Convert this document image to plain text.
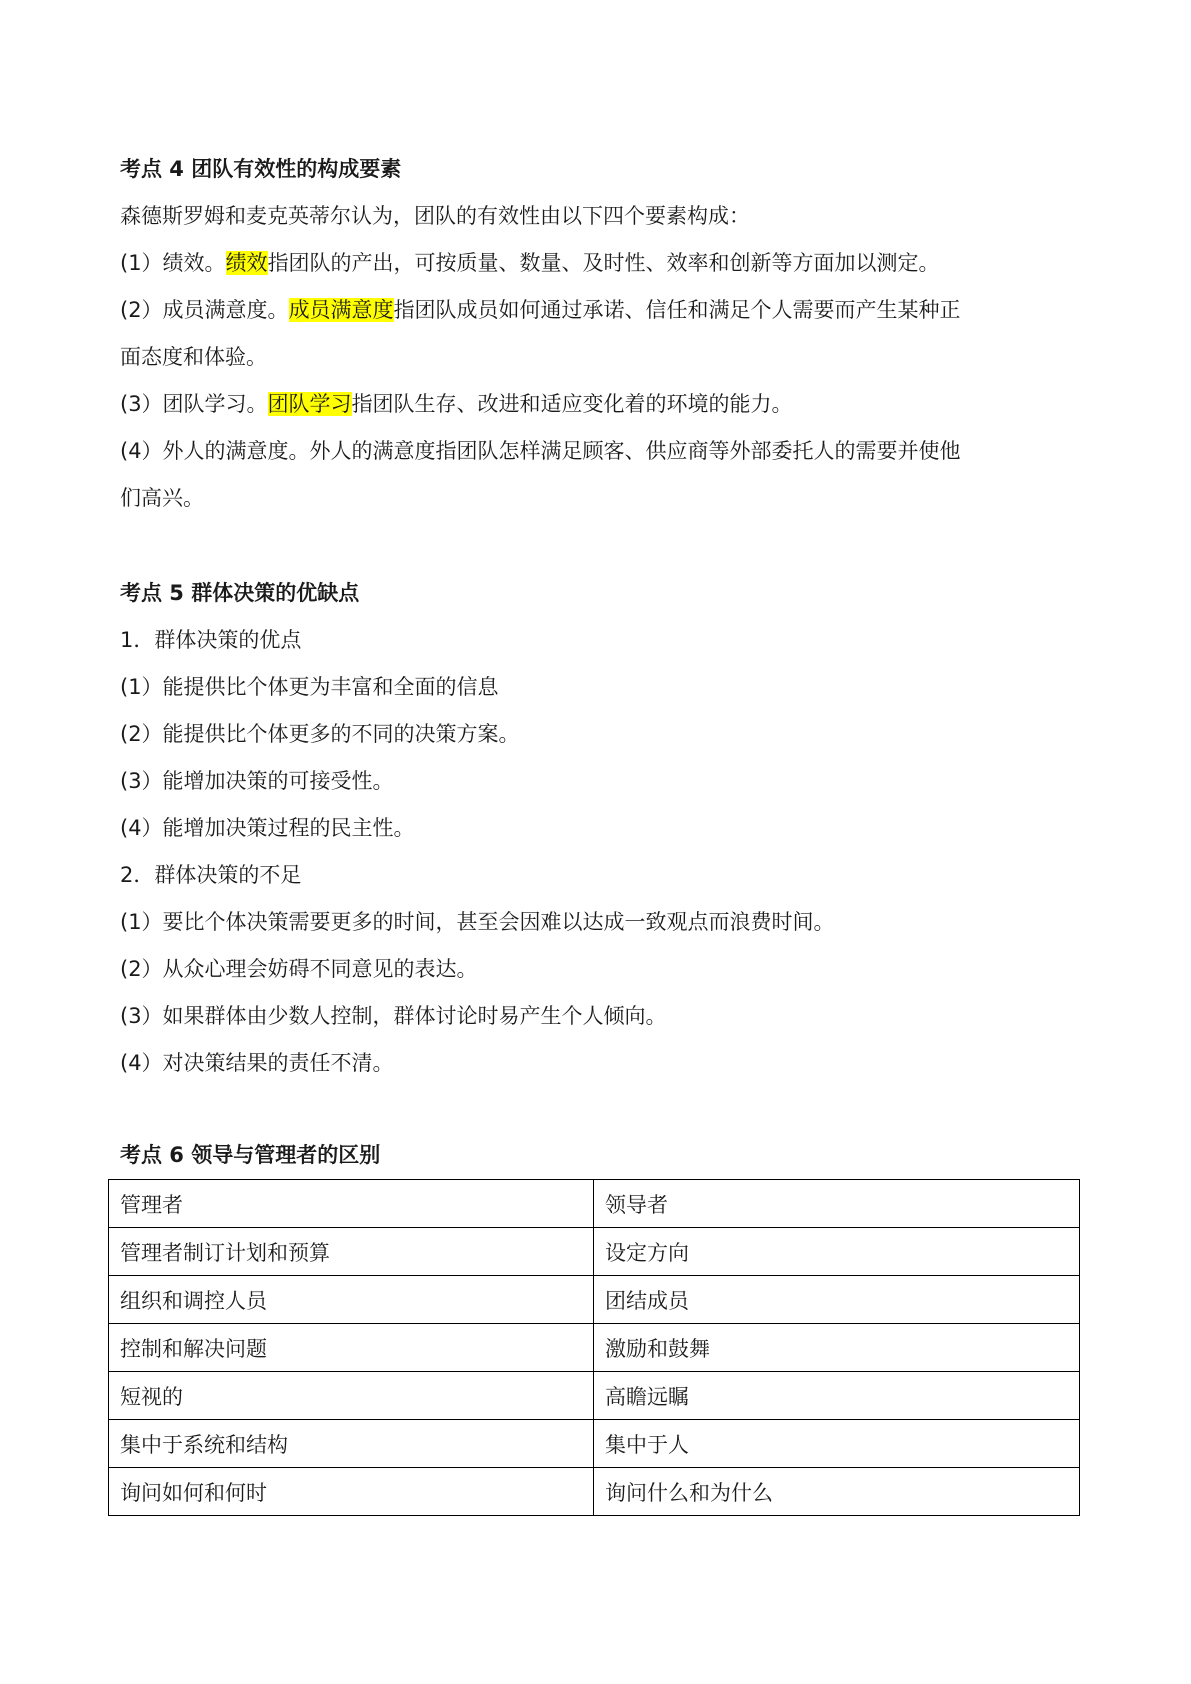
考点 4 团队有效性的构成要素
森德斯罗姆和麦克英蒂尔认为，团队的有效性由以下四个要素构成：
(1）绩效。绩效指团队的产出，可按质量、数量、及时性、效率和创新等方面加以测定。
(2）成员满意度。成员满意度指团队成员如何通过承诺、信任和满足个人需要而产生某种正
面态度和体验。
(3）团队学习。团队学习指团队生存、改进和适应变化着的环境的能力。
(4）外人的满意度。外人的满意度指团队怎样满足顾客、供应商等外部委托人的需要并使他
们高兴。
考点 5 群体决策的优缺点
1．群体决策的优点
(1）能提供比个体更为丰富和全面的信息
(2）能提供比个体更多的不同的决策方案。
(3）能增加决策的可接受性。
(4）能增加决策过程的民主性。
2．群体决策的不足
(1）要比个体决策需要更多的时间，甚至会因难以达成一致观点而浪费时间。
(2）从众心理会妨碍不同意见的表达。
(3）如果群体由少数人控制，群体讨论时易产生个人倾向。
(4）对决策结果的责任不清。
考点 6 领导与管理者的区别
管理者	领导者
管理者制订计划和预算	设定方向
组织和调控人员	团结成员
控制和解决问题	激励和鼓舞
短视的	高瞻远瞩
集中于系统和结构	集中于人
询问如何和何时	询问什么和为什么
